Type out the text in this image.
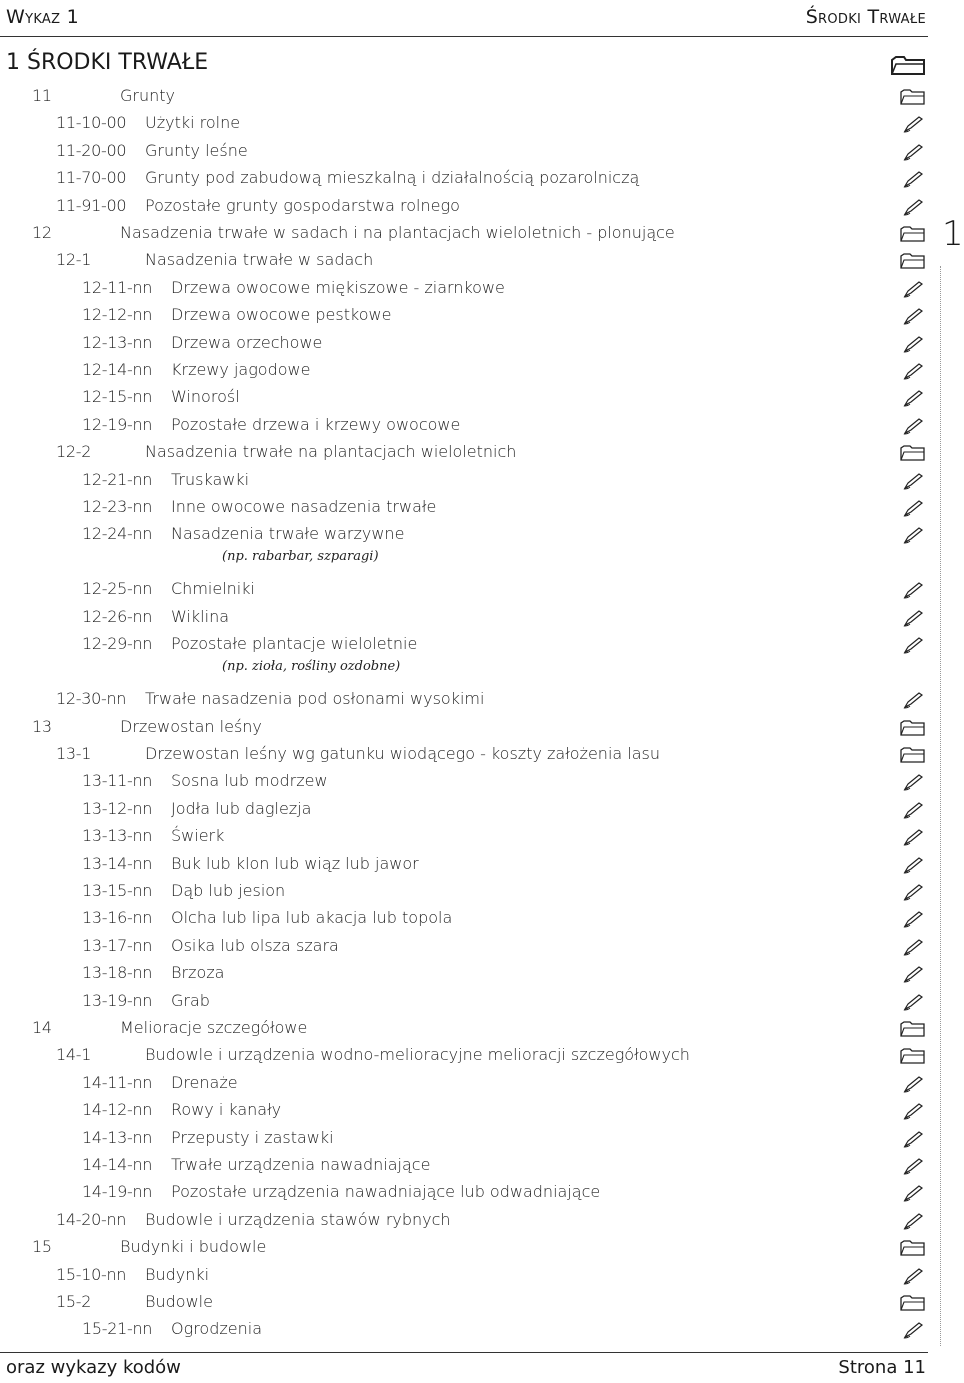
Wykaz 1	Środki Trwałe
1 ŚRODKI TRWAŁE
11	Grunty
11-10-00 Użytki rolne
11-20-00 Grunty leśne
11-70-00 Grunty pod zabudową mieszkalną i działalnością pozarolniczą
11-91-00 Pozostałe grunty gospodarstwa rolnego
12	Nasadzenia trwałe w sadach i na plantacjach wieloletnich - plonujące
12-1	Nasadzenia trwałe w sadach
12-11-nn Drzewa owocowe miękiszowe - ziarnkowe
12-12-nn Drzewa owocowe pestkowe
12-13-nn Drzewa orzechowe
12-14-nn Krzewy jagodowe
12-15-nn Winorośl
12-19-nn Pozostałe drzewa i krzewy owocowe
12-2	Nasadzenia trwałe na plantacjach wieloletnich
12-21-nn Truskawki
12-23-nn Inne owocowe nasadzenia trwałe
12-24-nn Nasadzenia trwałe warzywne
(np. rabarbar, szparagi)
12-25-nn Chmielniki
12-26-nn Wiklina
12-29-nn Pozostałe plantacje wieloletnie
(np. zioła, rośliny ozdobne)
12-30-nn Trwałe nasadzenia pod osłonami wysokimi
13	Drzewostan leśny
13-1	Drzewostan leśny wg gatunku wiodącego - koszty założenia lasu
13-11-nn Sosna lub modrzew
13-12-nn Jodła lub daglezja
13-13-nn Świerk
13-14-nn Buk lub klon lub wiąz lub jawor
13-15-nn Dąb lub jesion
13-16-nn Olcha lub lipa lub akacja lub topola
13-17-nn Osika lub olsza szara
13-18-nn Brzoza
13-19-nn Grab
14	Melioracje szczegółowe
14-1	Budowle i urządzenia wodno-melioracyjne melioracji szczegółowych
14-11-nn Drenaże
14-12-nn Rowy i kanały
14-13-nn Przepusty i zastawki
14-14-nn Trwałe urządzenia nawadniające
14-19-nn Pozostałe urządzenia nawadniające lub odwadniające
14-20-nn Budowle i urządzenia stawów rybnych
15	Budynki i budowle
15-10-nn Budynki
15-2	Budowle
15-21-nn Ogrodzenia
1
oraz wykazy kodów	Strona 11
